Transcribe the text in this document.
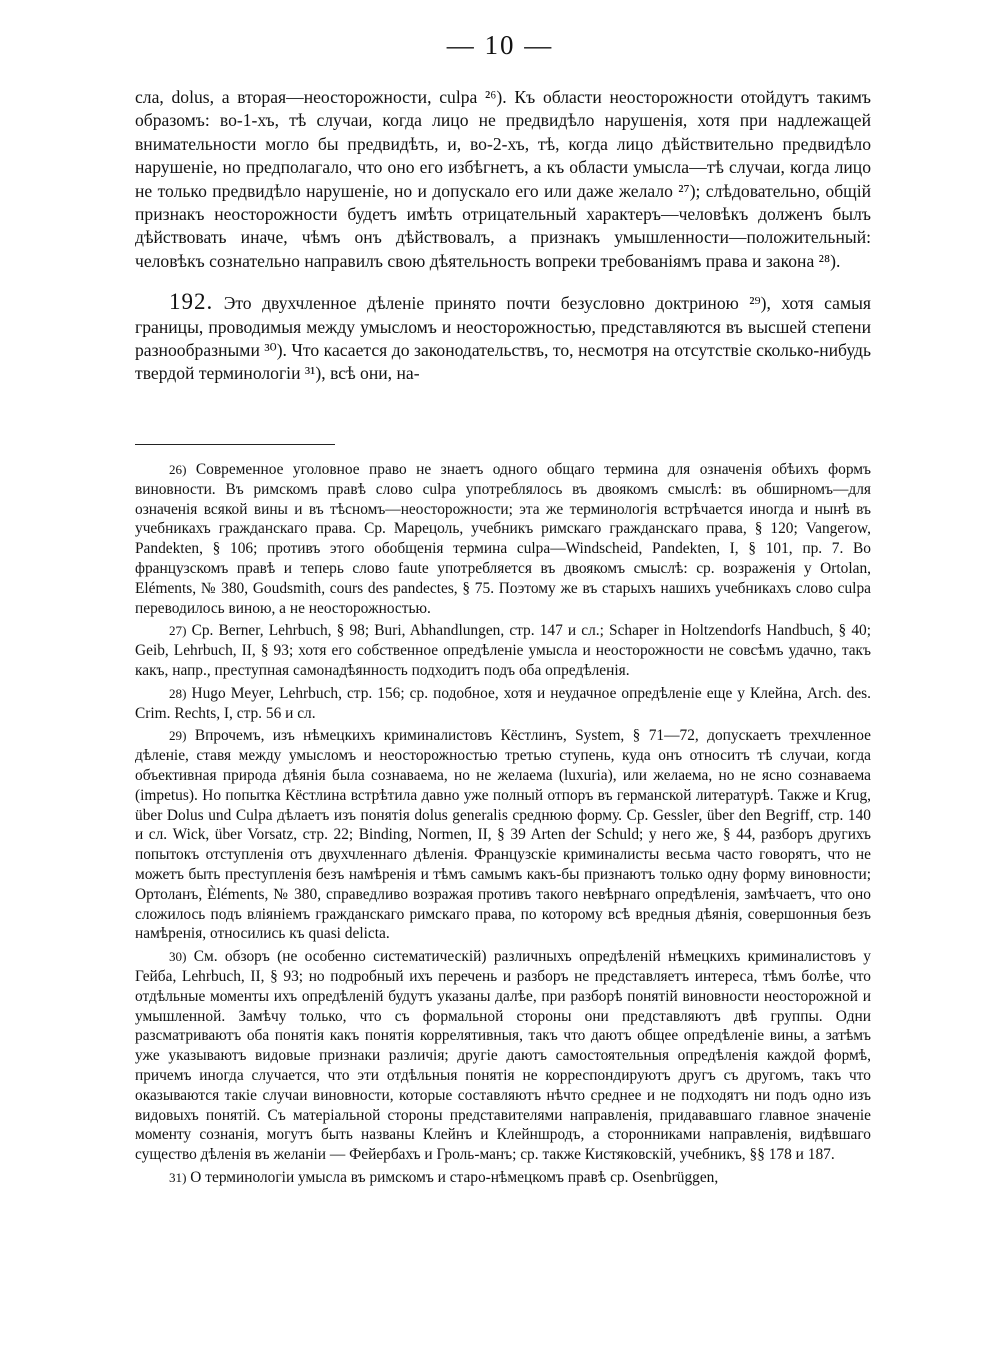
— 10 —

сла, dolus, а вторая—неосторожности, culpa ²⁶). Къ области неосторожности отойдутъ такимъ образомъ: во-1-хъ, тѣ случаи, когда лицо не предвидѣло нарушенія, хотя при надлежащей внимательности могло бы предвидѣть, и, во-2-хъ, тѣ, когда лицо дѣйствительно предвидѣло нарушеніе, но предполагало, что оно его избѣгнетъ, а къ области умысла—тѣ случаи, когда лицо не только предвидѣло нарушеніе, но и допускало его или даже желало ²⁷); слѣдовательно, общій признакъ неосторожности будетъ имѣть отрицательный характеръ—человѣкъ долженъ былъ дѣйствовать иначе, чѣмъ онъ дѣйствовалъ, а признакъ умышленности—положительный: человѣкъ сознательно направилъ свою дѣятельность вопреки требованіямъ права и закона ²⁸).

192. Это двухчленное дѣленіе принято почти безусловно доктриною ²⁹), хотя самыя границы, проводимыя между умысломъ и неосторожностью, представляются въ высшей степени разнообразными ³⁰). Что касается до законодательствъ, то, несмотря на отсутствіе сколько-нибудь твердой терминологіи ³¹), всѣ они, на-

26) Современное уголовное право не знаетъ одного общаго термина для означенія обѣихъ формъ виновности. Въ римскомъ правѣ слово culpa употреблялось въ двоякомъ смыслѣ: въ обширномъ—для означенія всякой вины и въ тѣсномъ—неосторожности; эта же терминологія встрѣчается иногда и нынѣ въ учебникахъ гражданскаго права. Ср. Марецоль, учебникъ римскаго гражданскаго права, § 120; Vangerow, Pandekten, § 106; противъ этого обобщенія термина culpa—Windscheid, Pandekten, I, § 101, пр. 7. Во французскомъ правѣ и теперь слово faute употребляется въ двоякомъ смыслѣ: ср. возраженія у Ortolan, Eléments, № 380, Goudsmith, cours des pandectes, § 75. Поэтому же въ старыхъ нашихъ учебникахъ слово culpa переводилось виною, а не неосторожностью.

27) Ср. Berner, Lehrbuch, § 98; Buri, Abhandlungen, стр. 147 и сл.; Schaper in Holtzendorfs Handbuch, § 40; Geib, Lehrbuch, II, § 93; хотя его собственное опредѣленіе умысла и неосторожности не совсѣмъ удачно, такъ какъ, напр., преступная самонадѣянность подходитъ подъ оба опредѣленія.

28) Hugo Meyer, Lehrbuch, стр. 156; ср. подобное, хотя и неудачное опредѣленіе еще у Клейна, Arch. des. Crim. Rechts, I, стр. 56 и сл.

29) Впрочемъ, изъ нѣмецкихъ криминалистовъ Кёстлинъ, System, § 71—72, допускаетъ трехчленное дѣленіе, ставя между умысломъ и неосторожностью третью ступень, куда онъ относитъ тѣ случаи, когда объективная природа дѣянія была сознаваема, но не желаема (luxuria), или желаема, но не ясно сознаваема (impetus). Но попытка Кёстлина встрѣтила давно уже полный отпоръ въ германской литературѣ. Также и Krug, über Dolus und Culpa дѣлаетъ изъ понятія dolus generalis среднюю форму. Ср. Gessler, über den Begriff, стр. 140 и сл. Wick, über Vorsatz, стр. 22; Binding, Normen, II, § 39 Arten der Schuld; у него же, § 44, разборъ другихъ попытокъ отступленія отъ двухчленнаго дѣленія. Французскіе криминалисты весьма часто говорятъ, что не можетъ быть преступленія безъ намѣренія и тѣмъ самымъ какъ-бы признаютъ только одну форму виновности; Ортоланъ, Èléments, № 380, справедливо возражая противъ такого невѣрнаго опредѣленія, замѣчаетъ, что оно сложилось подъ вліяніемъ гражданскаго римскаго права, по которому всѣ вредныя дѣянія, совершонныя безъ намѣренія, относились къ quasi delicta.

30) См. обзоръ (не особенно систематическій) различныхъ опредѣленій нѣмецкихъ криминалистовъ у Гейба, Lehrbuch, II, § 93; но подробный ихъ перечень и разборъ не представляетъ интереса, тѣмъ болѣе, что отдѣльные моменты ихъ опредѣленій будутъ указаны далѣе, при разборѣ понятій виновности неосторожной и умышленной. Замѣчу только, что съ формальной стороны они представляютъ двѣ группы. Одни разсматриваютъ оба понятія какъ понятія коррелятивныя, такъ что даютъ общее опредѣленіе вины, а затѣмъ уже указываютъ видовые признаки различія; другіе даютъ самостоятельныя опредѣленія каждой формѣ, причемъ иногда случается, что эти отдѣльныя понятія не корреспондируютъ другъ съ другомъ, такъ что оказываются такіе случаи виновности, которые составляютъ нѣчто среднее и не подходятъ ни подъ одно изъ видовыхъ понятій. Съ матеріальной стороны представителями направленія, придававшаго главное значеніе моменту сознанія, могутъ быть названы Клейнъ и Клейншродъ, а сторонниками направленія, видѣвшаго существо дѣленія въ желаніи — Фейербахъ и Гроль-манъ; ср. также Кистяковскій, учебникъ, §§ 178 и 187.

31) О терминологіи умысла въ римскомъ и старо-нѣмецкомъ правѣ ср. Osenbrüggen,
